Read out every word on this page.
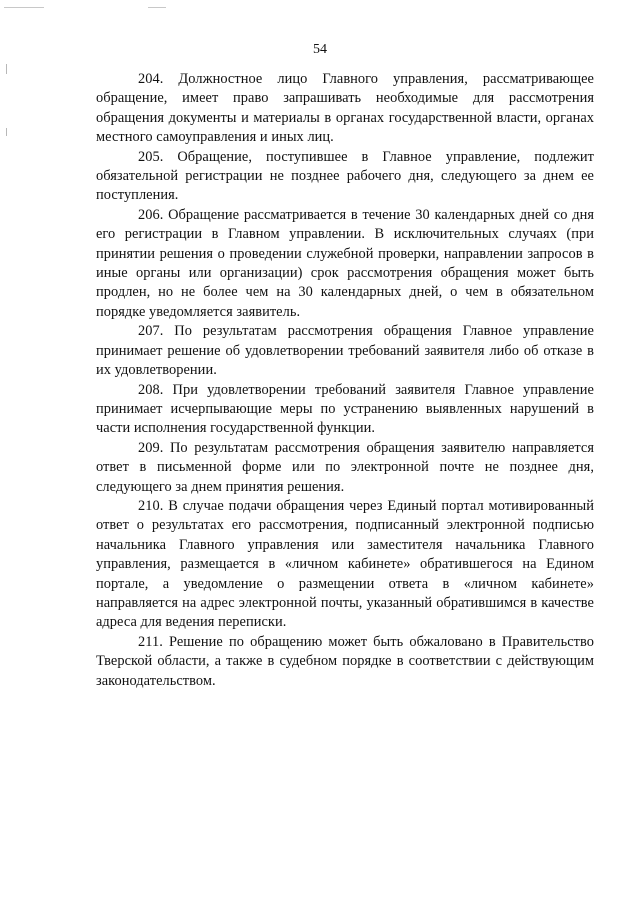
54

204. Должностное лицо Главного управления, рассматривающее обращение, имеет право запрашивать необходимые для рассмотрения обращения документы и материалы в органах государственной власти, органах местного самоуправления и иных лиц.

205. Обращение, поступившее в Главное управление, подлежит обязательной регистрации не позднее рабочего дня, следующего за днем ее поступления.

206. Обращение рассматривается в течение 30 календарных дней со дня его регистрации в Главном управлении. В исключительных случаях (при принятии решения о проведении служебной проверки, направлении запросов в иные органы или организации) срок рассмотрения обращения может быть продлен, но не более чем на 30 календарных дней, о чем в обязательном порядке уведомляется заявитель.

207. По результатам рассмотрения обращения Главное управление принимает решение об удовлетворении требований заявителя либо об отказе в их удовлетворении.

208. При удовлетворении требований заявителя Главное управление принимает исчерпывающие меры по устранению выявленных нарушений в части исполнения государственной функции.

209. По результатам рассмотрения обращения заявителю направляется ответ в письменной форме или по электронной почте не позднее дня, следующего за днем принятия решения.

210. В случае подачи обращения через Единый портал мотивированный ответ о результатах его рассмотрения, подписанный электронной подписью начальника Главного управления или заместителя начальника Главного управления, размещается в «личном кабинете» обратившегося на Едином портале, а уведомление о размещении ответа в «личном кабинете» направляется на адрес электронной почты, указанный обратившимся в качестве адреса для ведения переписки.

211. Решение по обращению может быть обжаловано в Правительство Тверской области, а также в судебном порядке в соответствии с действующим законодательством.
